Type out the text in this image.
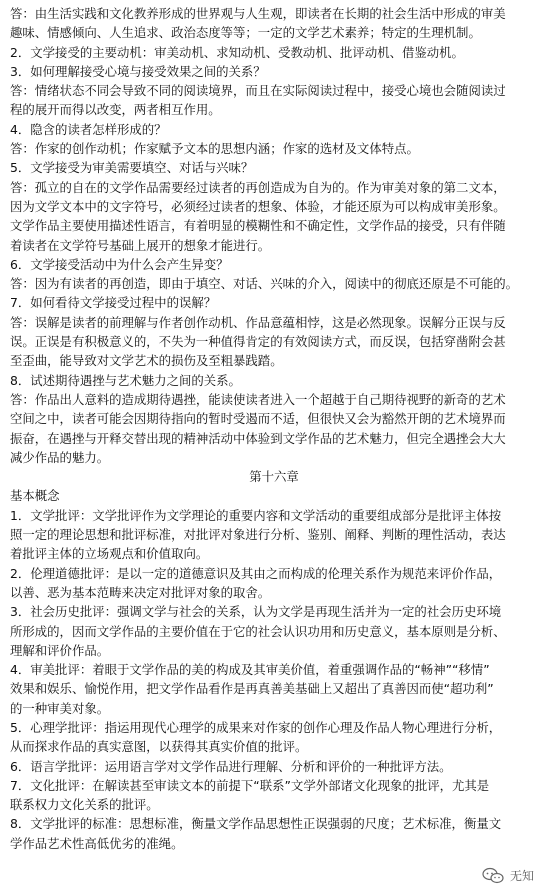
答：由生活实践和文化教养形成的世界观与人生观，即读者在长期的社会生活中形成的审美
趣味、情感倾向、人生追求、政治态度等等；一定的文学艺术素养；特定的生理机制。
2．文学接受的主要动机：审美动机、求知动机、受教动机、批评动机、借鉴动机。
3．如何理解接受心境与接受效果之间的关系？
答：情绪状态不同会导致不同的阅读境界，而且在实际阅读过程中，接受心境也会随阅读过
程的展开而得以改变，两者相互作用。
4．隐含的读者怎样形成的？
答：作家的创作动机；作家赋予文本的思想内涵；作家的选材及文体特点。
5．文学接受为审美需要填空、对话与兴味？
答：孤立的自在的文学作品需要经过读者的再创造成为自为的。作为审美对象的第二文本，
因为文学文本中的文字符号，必须经过读者的想象、体验，才能还原为可以构成审美形象。
文学作品主要使用描述性语言，有着明显的模糊性和不确定性，文学作品的接受，只有伴随
着读者在文学符号基础上展开的想象才能进行。
6．文学接受活动中为什么会产生异变？
答：因为有读者的再创造，即由于填空、对话、兴味的介入，阅读中的彻底还原是不可能的。
7．如何看待文学接受过程中的误解？
答：误解是读者的前理解与作者创作动机、作品意蕴相悖，这是必然现象。误解分正误与反
误。正误是有积极意义的，不失为一种值得肯定的有效阅读方式，而反误，包括穿凿附会甚
至歪曲，能导致对文学艺术的损伤及至粗暴践踏。
8．试述期待遇挫与艺术魅力之间的关系。
答：作品出人意料的造成期待遇挫，能读使读者进入一个超越于自己期待视野的新奇的艺术
空间之中，读者可能会因期待指向的暂时受遏而不适，但很快又会为豁然开朗的艺术境界而
振奋，在遇挫与开释交替出现的精神活动中体验到文学作品的艺术魅力，但完全遇挫会大大
减少作品的魅力。
第十六章
基本概念
1．文学批评：文学批评作为文学理论的重要内容和文学活动的重要组成部分是批评主体按
照一定的理论思想和批评标准，对批评对象进行分析、鉴别、阐释、判断的理性活动，表达
着批评主体的立场观点和价值取向。
2．伦理道德批评：是以一定的道德意识及其由之而构成的伦理关系作为规范来评价作品，
以善、恶为基本范畴来决定对批评对象的取舍。
3．社会历史批评：强调文学与社会的关系，认为文学是再现生活并为一定的社会历史环境
所形成的，因而文学作品的主要价值在于它的社会认识功用和历史意义，基本原则是分析、
理解和评价作品。
4．审美批评：着眼于文学作品的美的构成及其审美价值，着重强调作品的“畅神”“移情”
效果和娱乐、愉悦作用，把文学作品看作是再真善美基础上又超出了真善因而使“超功利”
的一种审美对象。
5．心理学批评：指运用现代心理学的成果来对作家的创作心理及作品人物心理进行分析，
从而探求作品的真实意图，以获得其真实价值的批评。
6．语言学批评：运用语言学对文学作品进行理解、分析和评价的一种批评方法。
7．文化批评：在解读甚至审读文本的前提下“联系”文学外部诸文化现象的批评，尤其是
联系权力文化关系的批评。
8．文学批评的标准：思想标准，衡量文学作品思想性正误强弱的尺度；艺术标准，衡量文
学作品艺术性高低优劣的准绳。
无知
